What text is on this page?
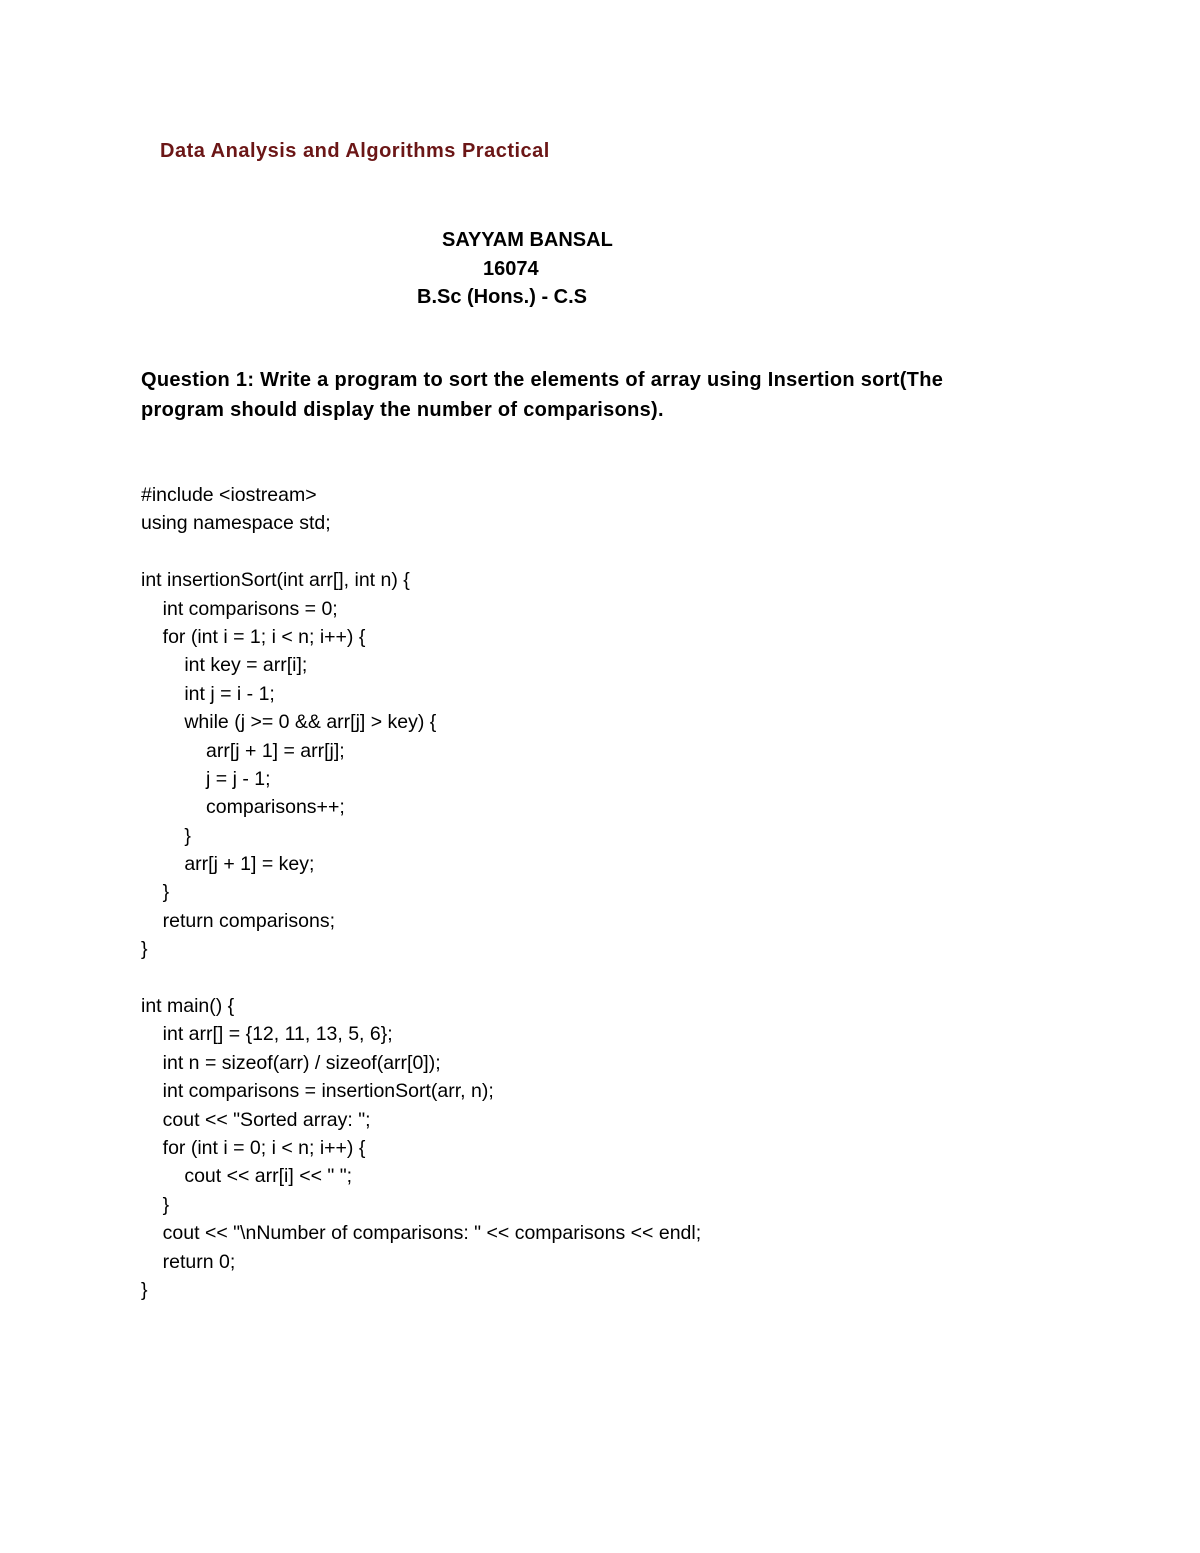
Data Analysis and Algorithms Practical
SAYYAM BANSAL
16074
B.Sc (Hons.) - C.S

Question 1: Write a program to sort the elements of array using Insertion sort(The program should display the number of comparisons).

#include <iostream>
using namespace std;
int insertionSort(int arr[], int n) {
int comparisons = 0;
for (int i = 1; i < n; i++) {
int key = arr[i];
int j = i - 1;
while (j >= 0 && arr[j] > key) {
arr[j + 1] = arr[j];
j = j - 1;
comparisons++;
}
arr[j + 1] = key;
}
return comparisons;
}
int main() {
int arr[] = {12, 11, 13, 5, 6};
int n = sizeof(arr) / sizeof(arr[0]);
int comparisons = insertionSort(arr, n);
cout << "Sorted array: ";
for (int i = 0; i < n; i++) {
cout << arr[i] << " ";
}
cout << "\nNumber of comparisons: " << comparisons << endl;
return 0;
}
